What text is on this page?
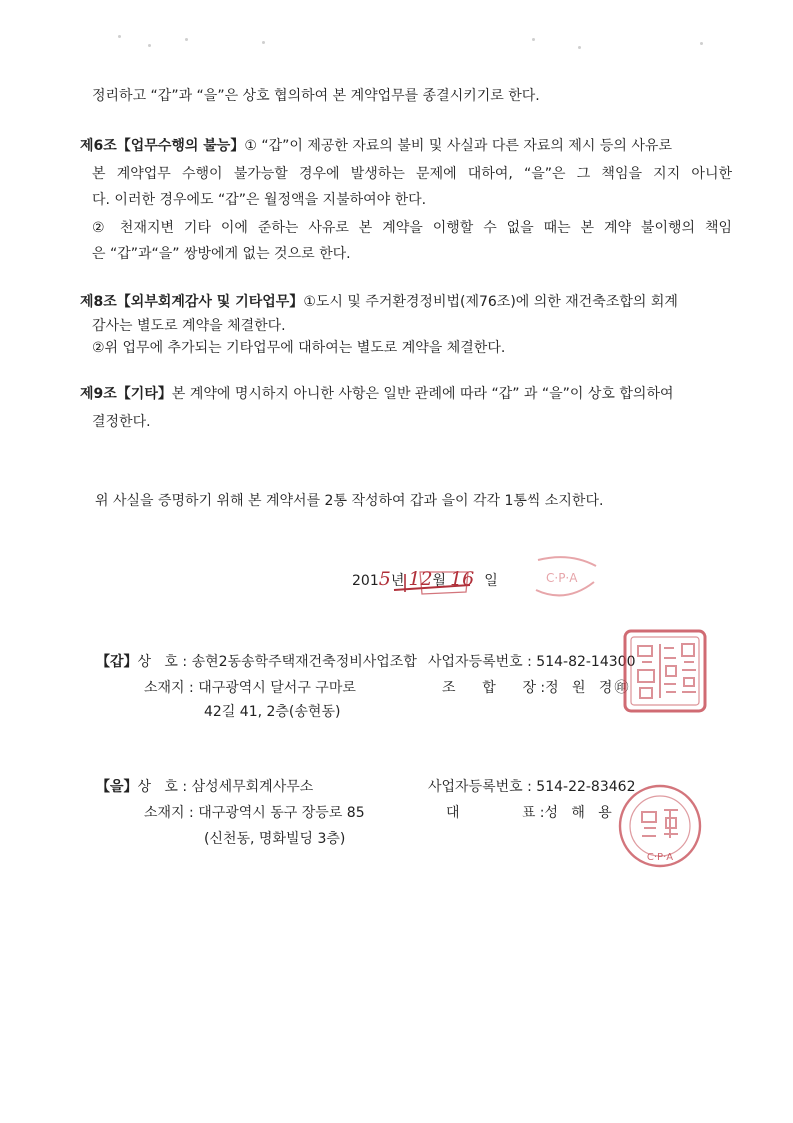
정리하고 “갑”과 “을”은 상호 협의하여 본 계약업무를 종결시키기로 한다.
제6조【업무수행의 불능】① “갑”이 제공한 자료의 불비 및 사실과 다른 자료의 제시 등의 사유로
본 계약업무 수행이 불가능할 경우에 발생하는 문제에 대하여, “을”은 그 책임을 지지 아니한
다. 이러한 경우에도 “갑”은 월정액을 지불하여야 한다.
② 천재지변 기타 이에 준하는 사유로 본 계약을 이행할 수 없을 때는 본 계약 불이행의 책임
은 “갑”과“을” 쌍방에게 없는 것으로 한다.
제8조【외부회계감사 및 기타업무】①도시 및 주거환경정비법(제76조)에 의한 재건축조합의 회계
감사는 별도로 계약을 체결한다.
②위 업무에 추가되는 기타업무에 대하여는 별도로 계약을 체결한다.
제9조【기타】본 계약에 명시하지 아니한 사항은 일반 관례에 따라 “갑” 과 “을”이 상호 합의하여
결정한다.
위 사실을 증명하기 위해 본 계약서를 2통 작성하여 갑과 을이 각각 1통씩 소지한다.
2015년 12월 16 일	C·P·A
【갑】상   호 : 송현2동송학주택재건축정비사업조합 사업자등록번호 : 514-82-14300
소재지 : 대구광역시 달서구 구마로	조      합      장 :정   원   경 ㊞
42길 41, 2층(송현동)
【을】상   호 : 삼성세무회계사무소	사업자등록번호 : 514-22-83462
소재지 : 대구광역시 동구 장등로 85	대              표 :성   해   용
(신천동, 명화빌딩 3층)
C·P·A
